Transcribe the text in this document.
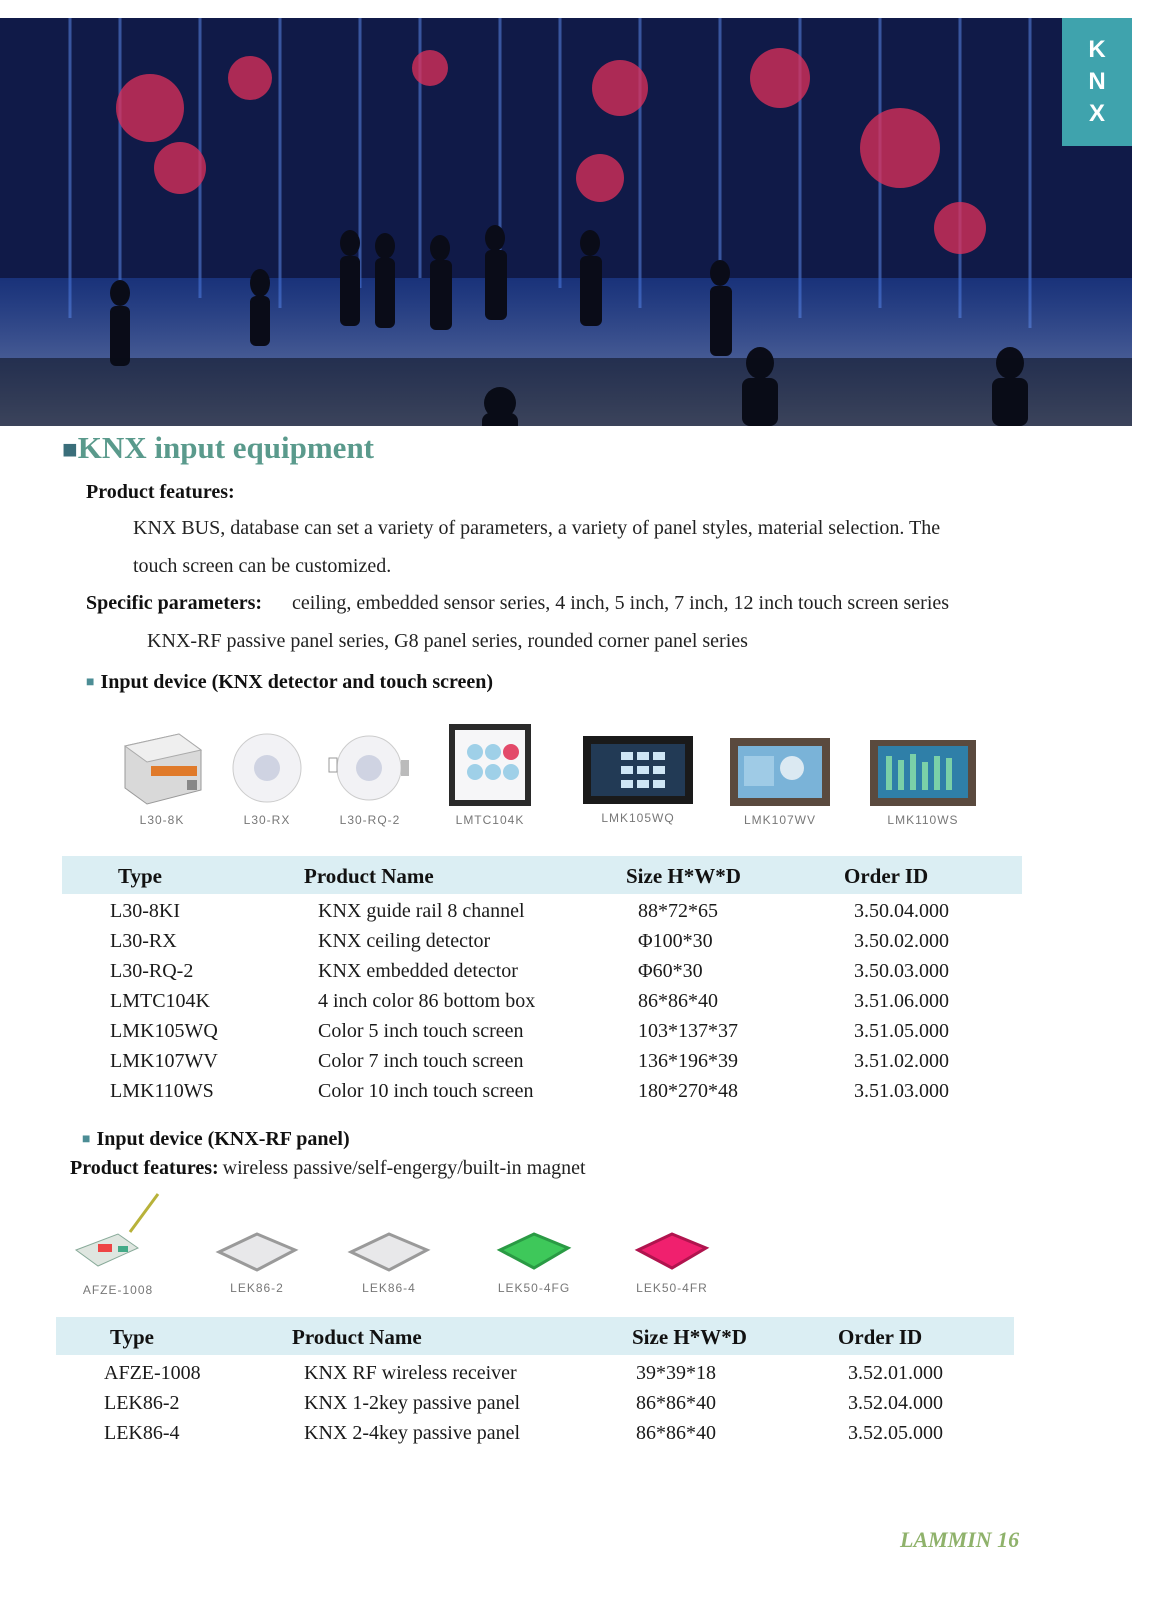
K
N
X
■KNX input equipment
Product features:
KNX BUS, database can set a variety of parameters, a variety of panel styles, material selection. The
touch screen can be customized.
Specific parameters: ceiling, embedded sensor series, 4 inch, 5 inch, 7 inch, 12 inch touch screen series
KNX-RF passive panel series, G8 panel series, rounded corner panel series
■ Input device (KNX detector and touch screen)
L30-8K	L30-RX	L30-RQ-2	LMTC104K	LMK105WQ	LMK107WV	LMK110WS
Type	Product Name	Size H*W*D	Order ID
L30-8KI	KNX guide rail 8 channel	88*72*65	3.50.04.000
L30-RX	KNX ceiling detector	Φ100*30	3.50.02.000
L30-RQ-2	KNX embedded detector	Φ60*30	3.50.03.000
LMTC104K	4 inch color 86 bottom box	86*86*40	3.51.06.000
LMK105WQ	Color 5 inch touch screen	103*137*37	3.51.05.000
LMK107WV	Color 7 inch touch screen	136*196*39	3.51.02.000
LMK110WS	Color 10 inch touch screen	180*270*48	3.51.03.000
■ Input device (KNX-RF panel)
Product features: wireless passive/self-engergy/built-in magnet
AFZE-1008	LEK86-2	LEK86-4	LEK50-4FG	LEK50-4FR
Type	Product Name	Size H*W*D	Order ID
AFZE-1008	KNX RF wireless receiver	39*39*18	3.52.01.000
LEK86-2	KNX 1-2key passive panel	86*86*40	3.52.04.000
LEK86-4	KNX 2-4key passive panel	86*86*40	3.52.05.000
LAMMIN 16
